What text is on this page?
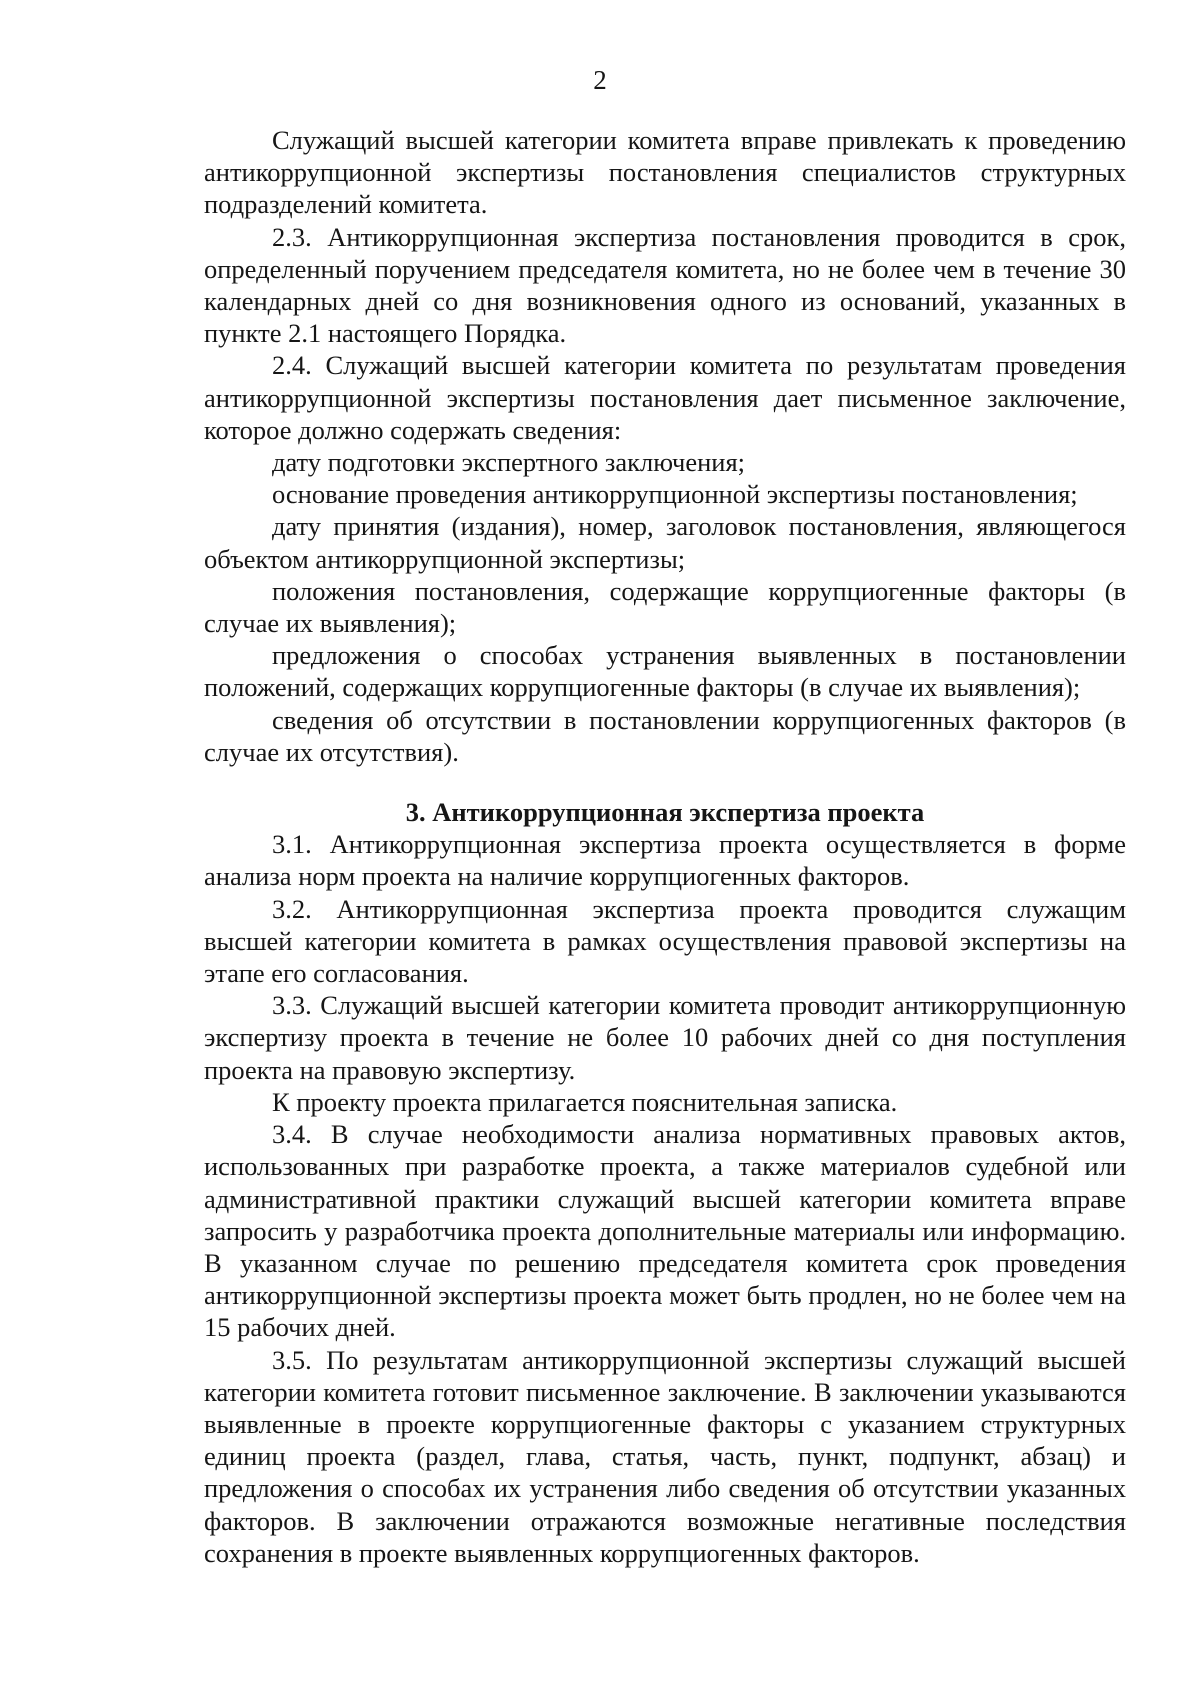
2

Служащий высшей категории комитета вправе привлекать к проведению антикоррупционной экспертизы постановления специалистов структурных подразделений комитета.

2.3. Антикоррупционная экспертиза постановления проводится в срок, определенный поручением председателя комитета, но не более чем в течение 30 календарных дней со дня возникновения одного из оснований, указанных в пункте 2.1 настоящего Порядка.

2.4. Служащий высшей категории комитета по результатам проведения антикоррупционной экспертизы постановления дает письменное заключение, которое должно содержать сведения:

дату подготовки экспертного заключения;

основание проведения антикоррупционной экспертизы постановления;

дату принятия (издания), номер, заголовок постановления, являющегося объектом антикоррупционной экспертизы;

положения постановления, содержащие коррупциогенные факторы (в случае их выявления);

предложения о способах устранения выявленных в постановлении положений, содержащих коррупциогенные факторы (в случае их выявления);

сведения об отсутствии в постановлении коррупциогенных факторов (в случае их отсутствия).

3. Антикоррупционная экспертиза проекта

3.1. Антикоррупционная экспертиза проекта осуществляется в форме анализа норм проекта на наличие коррупциогенных факторов.

3.2. Антикоррупционная экспертиза проекта проводится служащим высшей категории комитета в рамках осуществления правовой экспертизы на этапе его согласования.

3.3. Служащий высшей категории комитета проводит антикоррупционную экспертизу проекта в течение не более 10 рабочих дней со дня поступления проекта на правовую экспертизу.

К проекту проекта прилагается пояснительная записка.

3.4. В случае необходимости анализа нормативных правовых актов, использованных при разработке проекта, а также материалов судебной или административной практики служащий высшей категории комитета вправе запросить у разработчика проекта дополнительные материалы или информацию. В указанном случае по решению председателя комитета срок проведения антикоррупционной экспертизы проекта может быть продлен, но не более чем на 15 рабочих дней.

3.5. По результатам антикоррупционной экспертизы служащий высшей категории комитета готовит письменное заключение. В заключении указываются выявленные в проекте коррупциогенные факторы с указанием структурных единиц проекта (раздел, глава, статья, часть, пункт, подпункт, абзац) и предложения о способах их устранения либо сведения об отсутствии указанных факторов. В заключении отражаются возможные негативные последствия сохранения в проекте выявленных коррупциогенных факторов.
